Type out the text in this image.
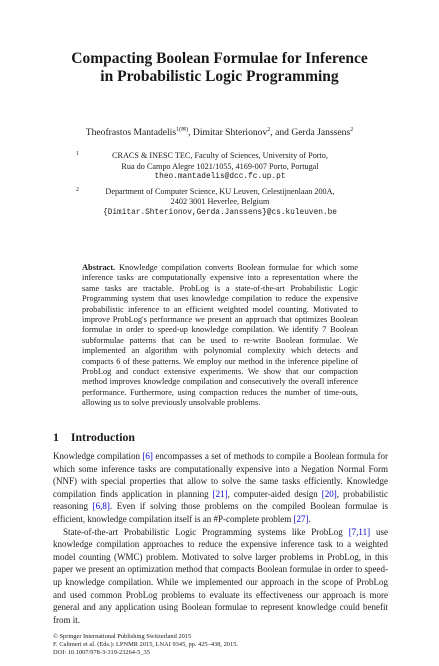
Compacting Boolean Formulae for Inference
in Probabilistic Logic Programming
Theofrastos Mantadelis$^{1(✉)}$, Dimitar Shterionov$^2$, and Gerda Janssens$^2$
1	CRACS & INESC TEC, Faculty of Sciences, University of Porto,
Rua do Campo Alegre 1021/1055, 4169-007 Porto, Portugal
theo.mantadelis@dcc.fc.up.pt
2	Department of Computer Science, KU Leuven, Celestijnenlaan 200A,
2402 3001 Heverlee, Belgium
{Dimitar.Shterionov,Gerda.Janssens}@cs.kuleuven.be
Abstract. Knowledge compilation converts Boolean formulae for which some inference tasks are computationally expensive into a representation where the same tasks are tractable. ProbLog is a state-of-the-art Probabilistic Logic Programming system that uses knowledge compilation to reduce the expensive probabilistic inference to an efficient weighted model counting. Motivated to improve ProbLog's performance we present an approach that optimizes Boolean formulae in order to speed-up knowledge compilation. We identify 7 Boolean subformulae patterns that can be used to re-write Boolean formulae. We implemented an algorithm with polynomial complexity which detects and compacts 6 of these patterns. We employ our method in the inference pipeline of ProbLog and conduct extensive experiments. We show that our compaction method improves knowledge compilation and consecutively the overall inference performance. Furthermore, using compaction reduces the number of time-outs, allowing us to solve previously unsolvable problems.
1 Introduction

Knowledge compilation [6] encompasses a set of methods to compile a Boolean formula for which some inference tasks are computationally expensive into a Negation Normal Form (NNF) with special properties that allow to solve the same tasks efficiently. Knowledge compilation finds application in planning [21], computer-aided design [20], probabilistic reasoning [6,8]. Even if solving those problems on the compiled Boolean formulae is efficient, knowledge compilation itself is an #P-complete problem [27].

State-of-the-art Probabilistic Logic Programming systems like ProbLog [7,11] use knowledge compilation approaches to reduce the expensive inference task to a weighted model counting (WMC) problem. Motivated to solve larger problems in ProbLog, in this paper we present an optimization method that compacts Boolean formulae in order to speed-up knowledge compilation. While we implemented our approach in the scope of ProbLog and used common ProbLog problems to evaluate its effectiveness our approach is more general and any application using Boolean formulae to represent knowledge could benefit from it.

© Springer International Publishing Switzerland 2015
F. Calimeri et al. (Eds.): LPNMR 2015, LNAI 9345, pp. 425–438, 2015.
DOI: 10.1007/978-3-319-23264-5_35
